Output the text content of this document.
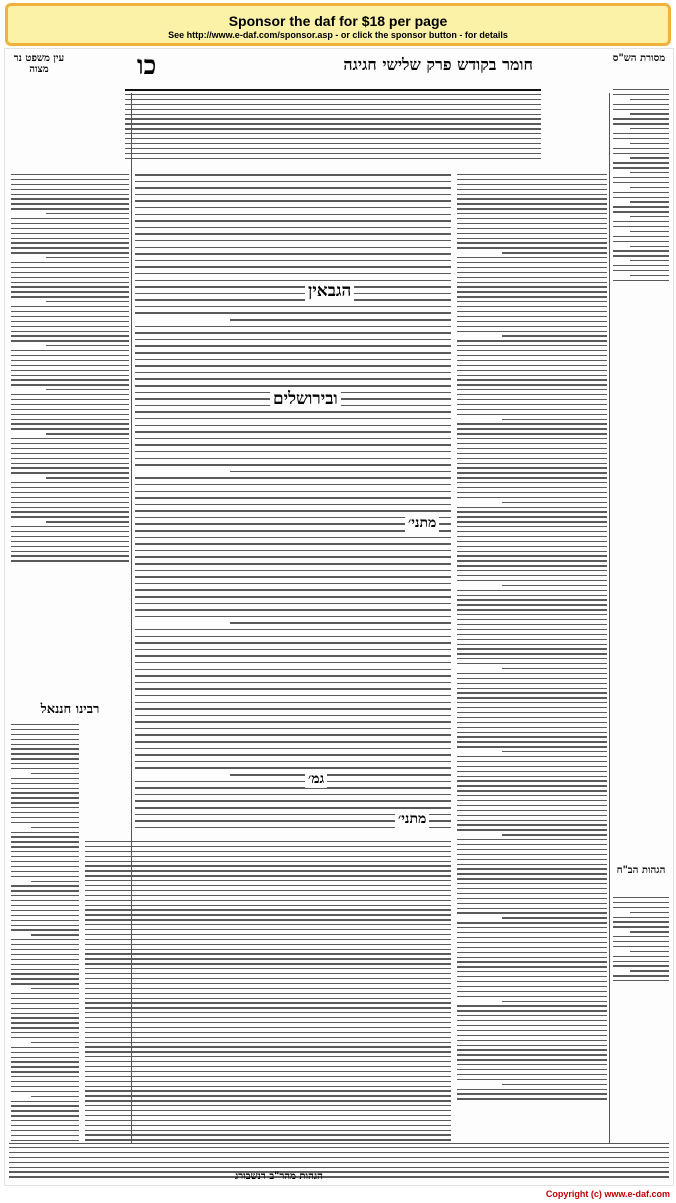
Sponsor the daf for $18 per page
See http://www.e-daf.com/sponsor.asp - or click the sponsor button - for details
חומר בקודש פרק שלישי חגיגה
כו
עין משפט נר מצוה
מסורת הש"ס
הגבאין
ובירושלים
מתני׳
גמ׳
מתני׳
רבינו חננאל
הגהות הב"ח
הגהות מהר"ב רנשבורג
Copyright (c) www.e-daf.com
